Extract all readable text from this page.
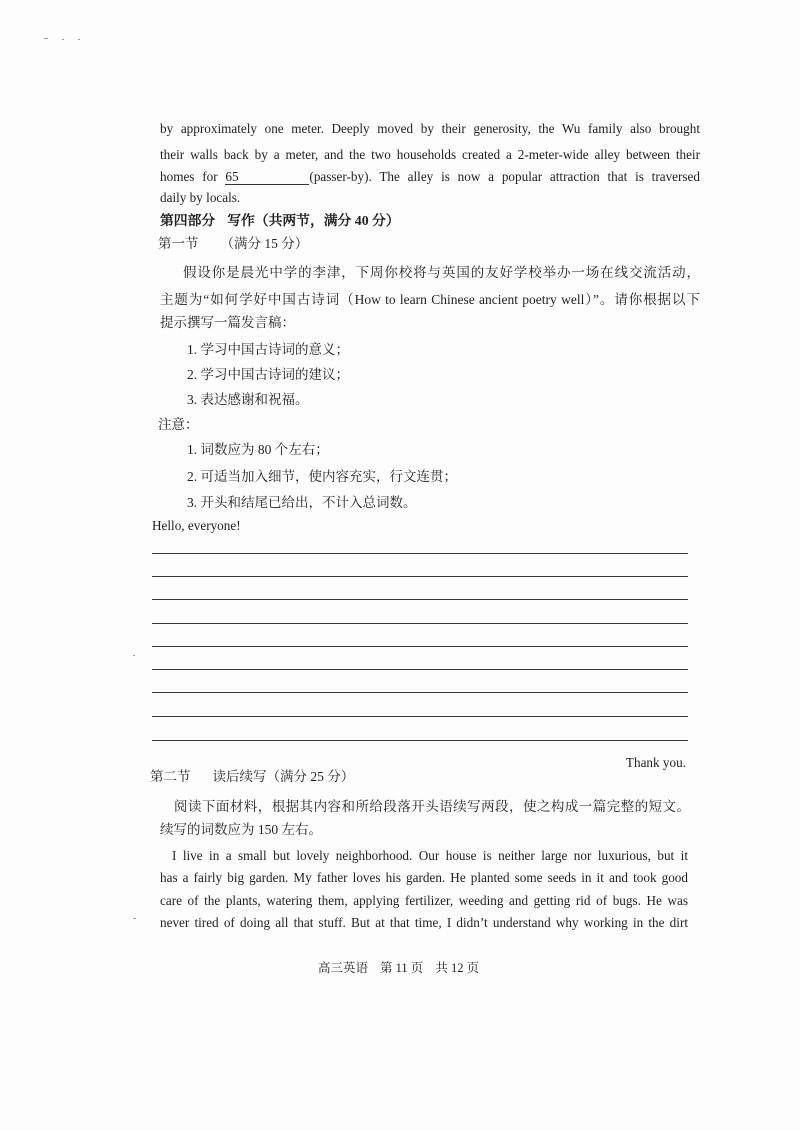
by approximately one meter. Deeply moved by their generosity, the Wu family also brought
their walls back by a meter, and the two households created a 2-meter-wide alley between their
homes for 65	(passer-by). The alley is now a popular attraction that is traversed
daily by locals.
第四部分 写作（共两节，满分 40 分）
第一节 （满分 15 分）
假设你是晨光中学的李津，下周你校将与英国的友好学校举办一场在线交流活动，
主题为“如何学好中国古诗词（How to learn Chinese ancient poetry well）”。请你根据以下
提示撰写一篇发言稿：
1. 学习中国古诗词的意义；
2. 学习中国古诗词的建议；
3. 表达感谢和祝福。
注意：
1. 词数应为 80 个左右；
2. 可适当加入细节，使内容充实，行文连贯；
3. 开头和结尾已给出，不计入总词数。
Hello, everyone!
Thank you.
第二节 读后续写（满分 25 分）
阅读下面材料，根据其内容和所给段落开头语续写两段，使之构成一篇完整的短文。
续写的词数应为 150 左右。
I live in a small but lovely neighborhood. Our house is neither large nor luxurious, but it
has a fairly big garden. My father loves his garden. He planted some seeds in it and took good
care of the plants, watering them, applying fertilizer, weeding and getting rid of bugs. He was
never tired of doing all that stuff. But at that time, I didn’t understand why working in the dirt
高三英语 第 11 页 共 12 页
